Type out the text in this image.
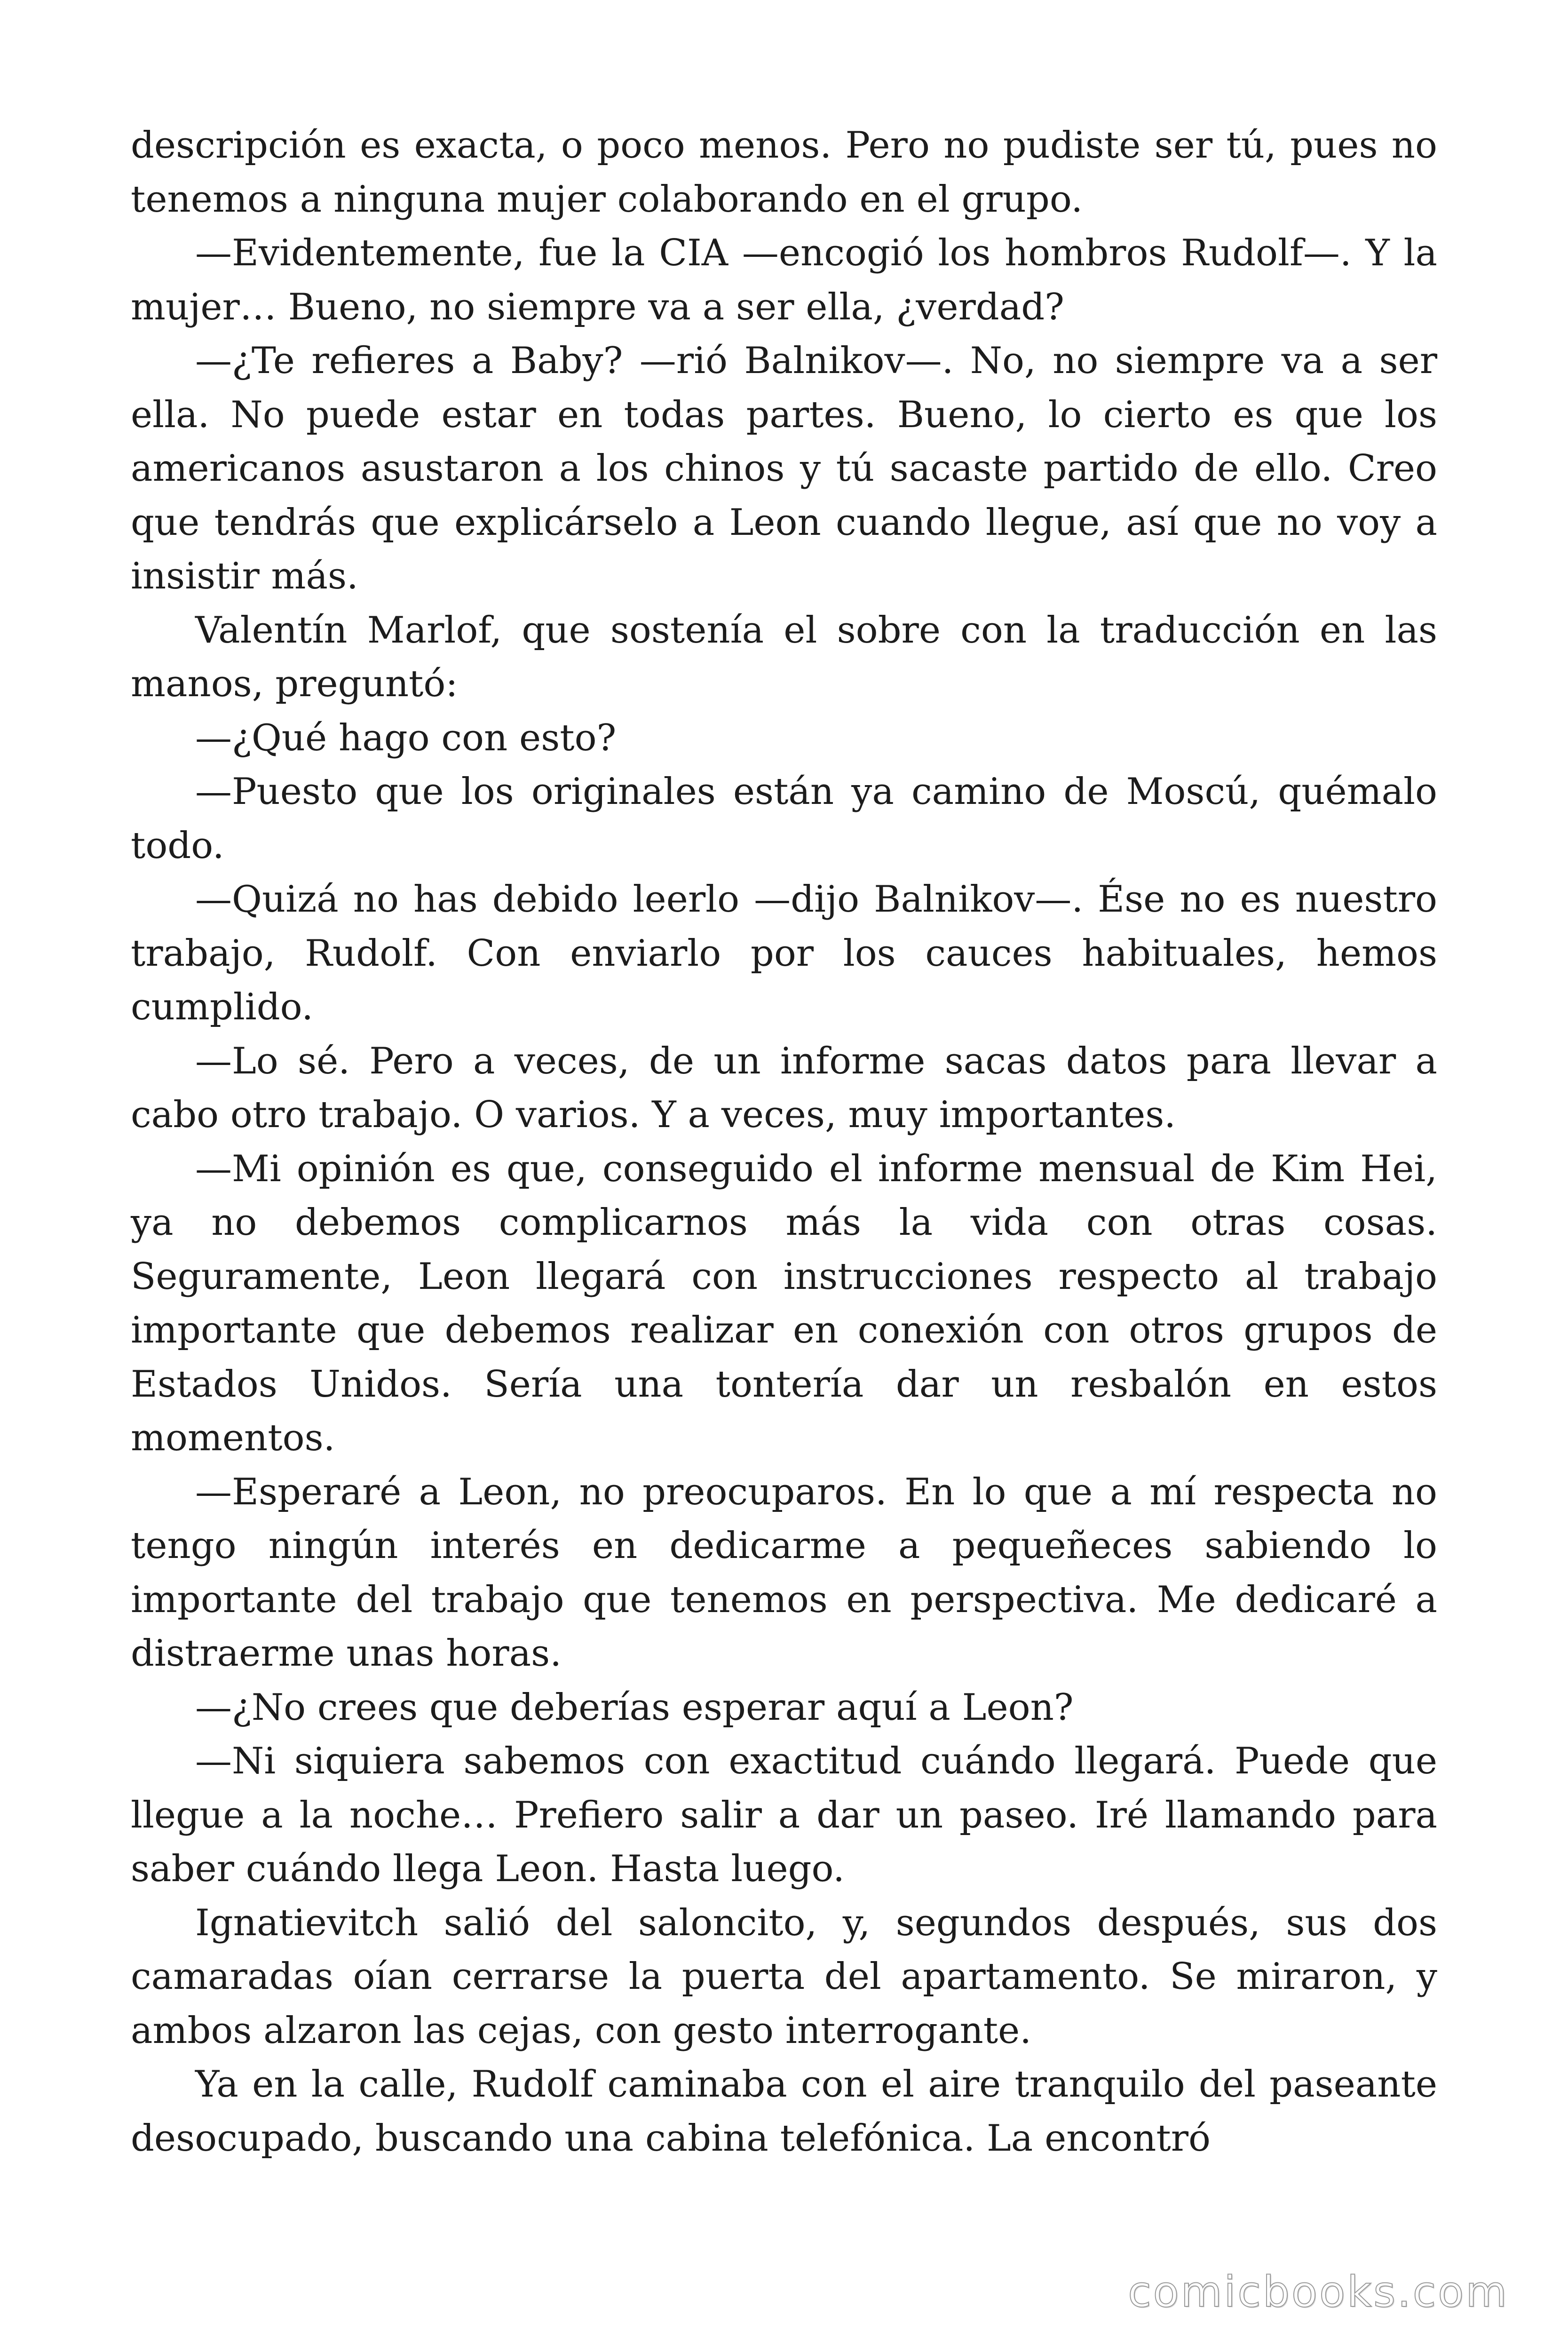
descripción es exacta, o poco menos. Pero no pudiste ser tú, pues no tenemos a ninguna mujer colaborando en el grupo.

—Evidentemente, fue la CIA —encogió los hombros Rudolf—. Y la mujer… Bueno, no siempre va a ser ella, ¿verdad?

—¿Te refieres a Baby? —rió Balnikov—. No, no siempre va a ser ella. No puede estar en todas partes. Bueno, lo cierto es que los americanos asustaron a los chinos y tú sacaste partido de ello. Creo que tendrás que explicárselo a Leon cuando llegue, así que no voy a insistir más.

Valentín Marlof, que sostenía el sobre con la traducción en las manos, preguntó:

—¿Qué hago con esto?

—Puesto que los originales están ya camino de Moscú, quémalo todo.

—Quizá no has debido leerlo —dijo Balnikov—. Ése no es nuestro trabajo, Rudolf. Con enviarlo por los cauces habituales, hemos cumplido.

—Lo sé. Pero a veces, de un informe sacas datos para llevar a cabo otro trabajo. O varios. Y a veces, muy importantes.

—Mi opinión es que, conseguido el informe mensual de Kim Hei, ya no debemos complicarnos más la vida con otras cosas. Seguramente, Leon llegará con instrucciones respecto al trabajo importante que debemos realizar en conexión con otros grupos de Estados Unidos. Sería una tontería dar un resbalón en estos momentos.

—Esperaré a Leon, no preocuparos. En lo que a mí respecta no tengo ningún interés en dedicarme a pequeñeces sabiendo lo importante del trabajo que tenemos en perspectiva. Me dedicaré a distraerme unas horas.

—¿No crees que deberías esperar aquí a Leon?

—Ni siquiera sabemos con exactitud cuándo llegará. Puede que llegue a la noche… Prefiero salir a dar un paseo. Iré llamando para saber cuándo llega Leon. Hasta luego.

Ignatievitch salió del saloncito, y, segundos después, sus dos camaradas oían cerrarse la puerta del apartamento. Se miraron, y ambos alzaron las cejas, con gesto interrogante.

Ya en la calle, Rudolf caminaba con el aire tranquilo del paseante desocupado, buscando una cabina telefónica. La encontró

comicbooks.com
